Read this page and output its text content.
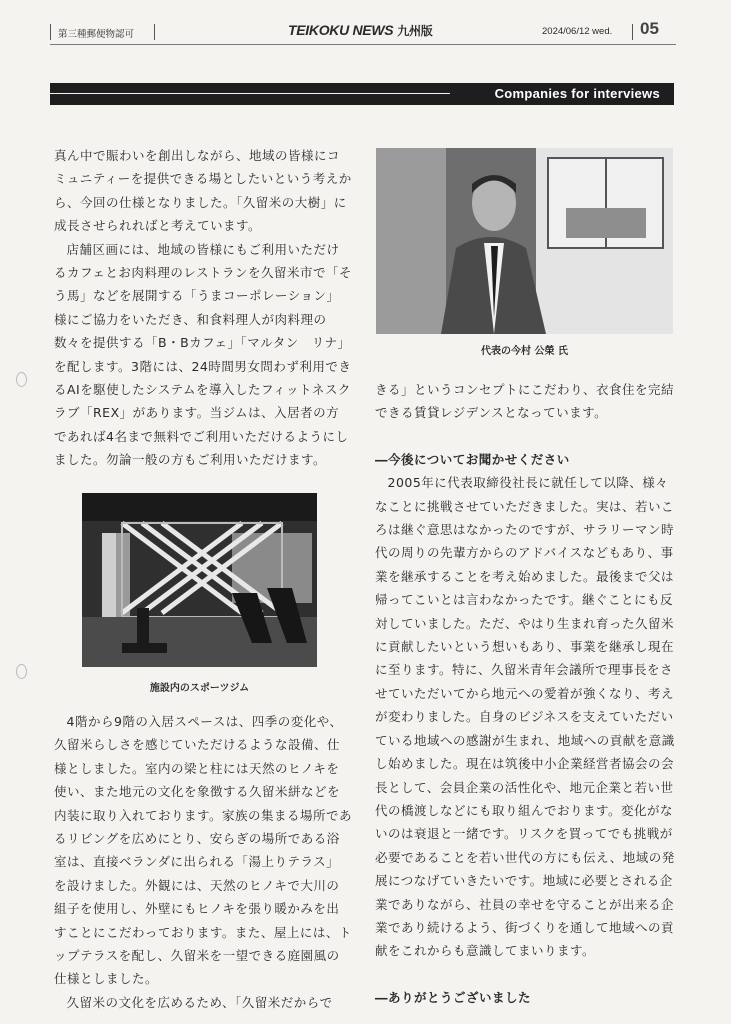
第三種郵便物認可	TEIKOKU NEWS 九州版	2024/06/12 wed. 05
Companies for interviews

真ん中で賑わいを創出しながら、地域の皆様にコミュニティーを提供できる場としたいという考えから、今回の仕様となりました。「久留米の大樹」に成長させられればと考えています。

店舗区画には、地域の皆様にもご利用いただけるカフェとお肉料理のレストランを久留米市で「そう馬」などを展開する「うまコーポレーション」様にご協力をいただき、和食料理人が肉料理の数々を提供する「B・Bカフェ」「マルタン　リナ」を配します。3階には、24時間男女問わず利用できるAIを駆使したシステムを導入したフィットネスクラブ「REX」があります。当ジムは、入居者の方であれば4名まで無料でご利用いただけるようにしました。勿論一般の方もご利用いただけます。

施設内のスポーツジム

4階から9階の入居スペースは、四季の変化や、久留米らしさを感じていただけるような設備、仕様としました。室内の梁と柱には天然のヒノキを使い、また地元の文化を象徴する久留米絣などを内装に取り入れております。家族の集まる場所であるリビングを広めにとり、安らぎの場所である浴室は、直接ベランダに出られる「湯上りテラス」を設けました。外観には、天然のヒノキで大川の組子を使用し、外壁にもヒノキを張り暖かみを出すことにこだわっております。また、屋上には、トップテラスを配し、久留米を一望できる庭園風の仕様としました。

久留米の文化を広めるため、「久留米だからで

代表の今村 公榮 氏

きる」というコンセプトにこだわり、衣食住を完結できる賃貸レジデンスとなっています。

―今後についてお聞かせください

2005年に代表取締役社長に就任して以降、様々なことに挑戦させていただきました。実は、若いころは継ぐ意思はなかったのですが、サラリーマン時代の周りの先輩方からのアドバイスなどもあり、事業を継承することを考え始めました。最後まで父は帰ってこいとは言わなかったです。継ぐことにも反対していました。ただ、やはり生まれ育った久留米に貢献したいという想いもあり、事業を継承し現在に至ります。特に、久留米青年会議所で理事長をさせていただいてから地元への愛着が強くなり、考えが変わりました。自身のビジネスを支えていただいている地域への感謝が生まれ、地域への貢献を意識し始めました。現在は筑後中小企業経営者協会の会長として、会員企業の活性化や、地元企業と若い世代の橋渡しなどにも取り組んでおります。変化がないのは衰退と一緒です。リスクを買ってでも挑戦が必要であることを若い世代の方にも伝え、地域の発展につなげていきたいです。地域に必要とされる企業でありながら、社員の幸せを守ることが出来る企業であり続けるよう、街づくりを通して地域への貢献をこれからも意識してまいります。

―ありがとうございました
